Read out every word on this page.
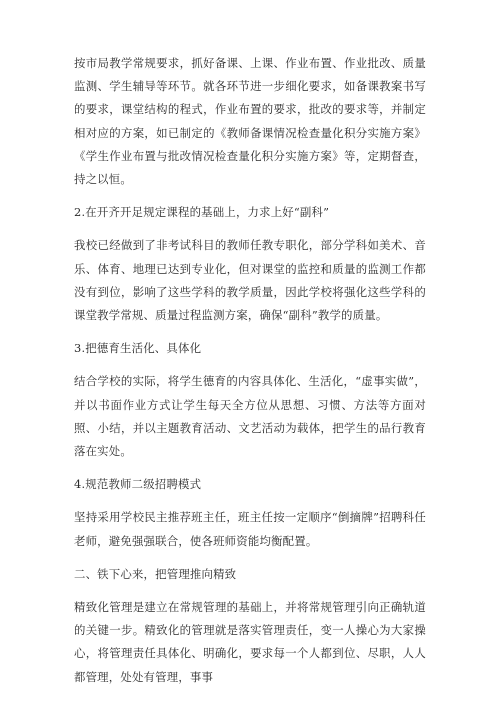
按市局教学常规要求，抓好备课、上课、作业布置、作业批改、质量监测、学生辅导等环节。就各环节进一步细化要求，如备课教案书写的要求，课堂结构的程式，作业布置的要求，批改的要求等，并制定相对应的方案，如已制定的《教师备课情况检查量化积分实施方案》《学生作业布置与批改情况检查量化积分实施方案》等，定期督查，持之以恒。

2.在开齐开足规定课程的基础上，力求上好“副科”

我校已经做到了非考试科目的教师任教专职化，部分学科如美术、音乐、体育、地理已达到专业化，但对课堂的监控和质量的监测工作都没有到位，影响了这些学科的教学质量，因此学校将强化这些学科的课堂教学常规、质量过程监测方案，确保“副科”教学的质量。

3.把德育生活化、具体化

结合学校的实际，将学生德育的内容具体化、生活化，“虚事实做”，并以书面作业方式让学生每天全方位从思想、习惯、方法等方面对照、小结，并以主题教育活动、文艺活动为载体，把学生的品行教育落在实处。

4.规范教师二级招聘模式

坚持采用学校民主推荐班主任，班主任按一定顺序“倒摘牌”招聘科任老师，避免强强联合，使各班师资能均衡配置。

二、铁下心来，把管理推向精致

精致化管理是建立在常规管理的基础上，并将常规管理引向正确轨道的关键一步。精致化的管理就是落实管理责任，变一人操心为大家操心，将管理责任具体化、明确化，要求每一个人都到位、尽职，人人都管理，处处有管理，事事
